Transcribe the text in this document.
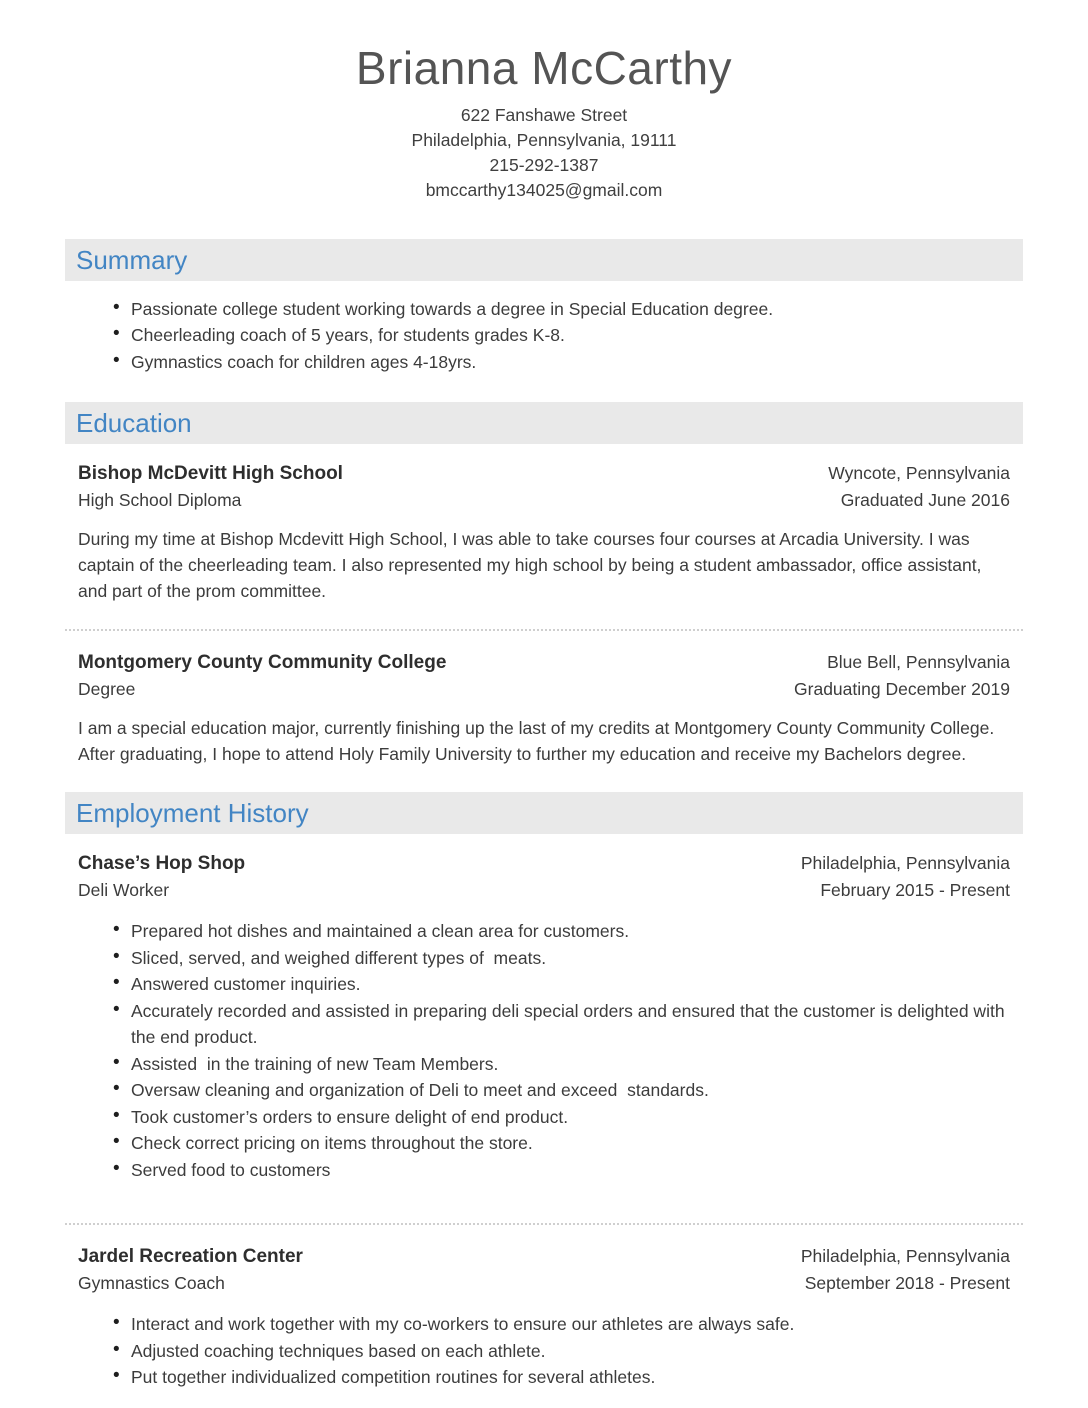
Brianna McCarthy
622 Fanshawe Street
Philadelphia, Pennsylvania, 19111
215-292-1387
bmccarthy134025@gmail.com
Summary
• Passionate college student working towards a degree in Special Education degree.
• Cheerleading coach of 5 years, for students grades K-8.
• Gymnastics coach for children ages 4-18yrs.
Education
Bishop McDevitt High School
High School Diploma
Wyncote, Pennsylvania
Graduated June 2016
During my time at Bishop Mcdevitt High School, I was able to take courses four courses at Arcadia University. I was captain of the cheerleading team. I also represented my high school by being a student ambassador, office assistant, and part of the prom committee.
Montgomery County Community College
Degree
Blue Bell, Pennsylvania
Graduating December 2019
I am a special education major, currently finishing up the last of my credits at Montgomery County Community College. After graduating, I hope to attend Holy Family University to further my education and receive my Bachelors degree.
Employment History
Chase’s Hop Shop
Deli Worker
Philadelphia, Pennsylvania
February 2015 - Present
• Prepared hot dishes and maintained a clean area for customers.
• Sliced, served, and weighed different types of  meats.
• Answered customer inquiries.
• Accurately recorded and assisted in preparing deli special orders and ensured that the customer is delighted with the end product.
• Assisted  in the training of new Team Members.
• Oversaw cleaning and organization of Deli to meet and exceed  standards.
• Took customer’s orders to ensure delight of end product.
• Check correct pricing on items throughout the store.
• Served food to customers
Jardel Recreation Center
Gymnastics Coach
Philadelphia, Pennsylvania
September 2018 - Present
• Interact and work together with my co-workers to ensure our athletes are always safe.
• Adjusted coaching techniques based on each athlete.
• Put together individualized competition routines for several athletes.
